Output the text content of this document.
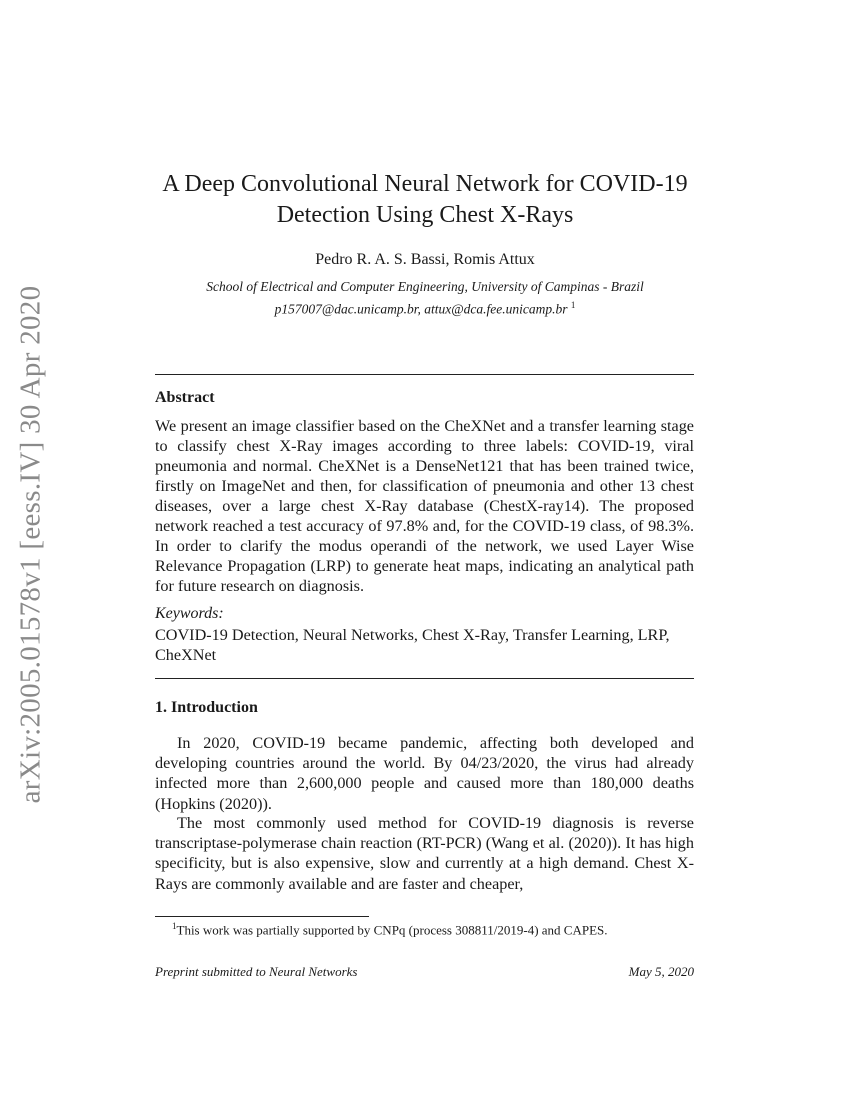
arXiv:2005.01578v1 [eess.IV] 30 Apr 2020
A Deep Convolutional Neural Network for COVID-19 Detection Using Chest X-Rays
Pedro R. A. S. Bassi, Romis Attux
School of Electrical and Computer Engineering, University of Campinas - Brazil
p157007@dac.unicamp.br, attux@dca.fee.unicamp.br $^1$
Abstract
We present an image classifier based on the CheXNet and a transfer learning stage to classify chest X-Ray images according to three labels: COVID-19, viral pneumonia and normal. CheXNet is a DenseNet121 that has been trained twice, firstly on ImageNet and then, for classification of pneumonia and other 13 chest diseases, over a large chest X-Ray database (ChestX-ray14). The proposed network reached a test accuracy of 97.8% and, for the COVID-19 class, of 98.3%. In order to clarify the modus operandi of the network, we used Layer Wise Relevance Propagation (LRP) to generate heat maps, indicating an analytical path for future research on diagnosis.
Keywords:
COVID-19 Detection, Neural Networks, Chest X-Ray, Transfer Learning, LRP, CheXNet
1. Introduction

In 2020, COVID-19 became pandemic, affecting both developed and developing countries around the world. By 04/23/2020, the virus had already infected more than 2,600,000 people and caused more than 180,000 deaths (Hopkins (2020)).

The most commonly used method for COVID-19 diagnosis is reverse transcriptase-polymerase chain reaction (RT-PCR) (Wang et al. (2020)). It has high specificity, but is also expensive, slow and currently at a high demand. Chest X-Rays are commonly available and are faster and cheaper,

$^1$This work was partially supported by CNPq (process 308811/2019-4) and CAPES.
Preprint submitted to Neural Networks	May 5, 2020
